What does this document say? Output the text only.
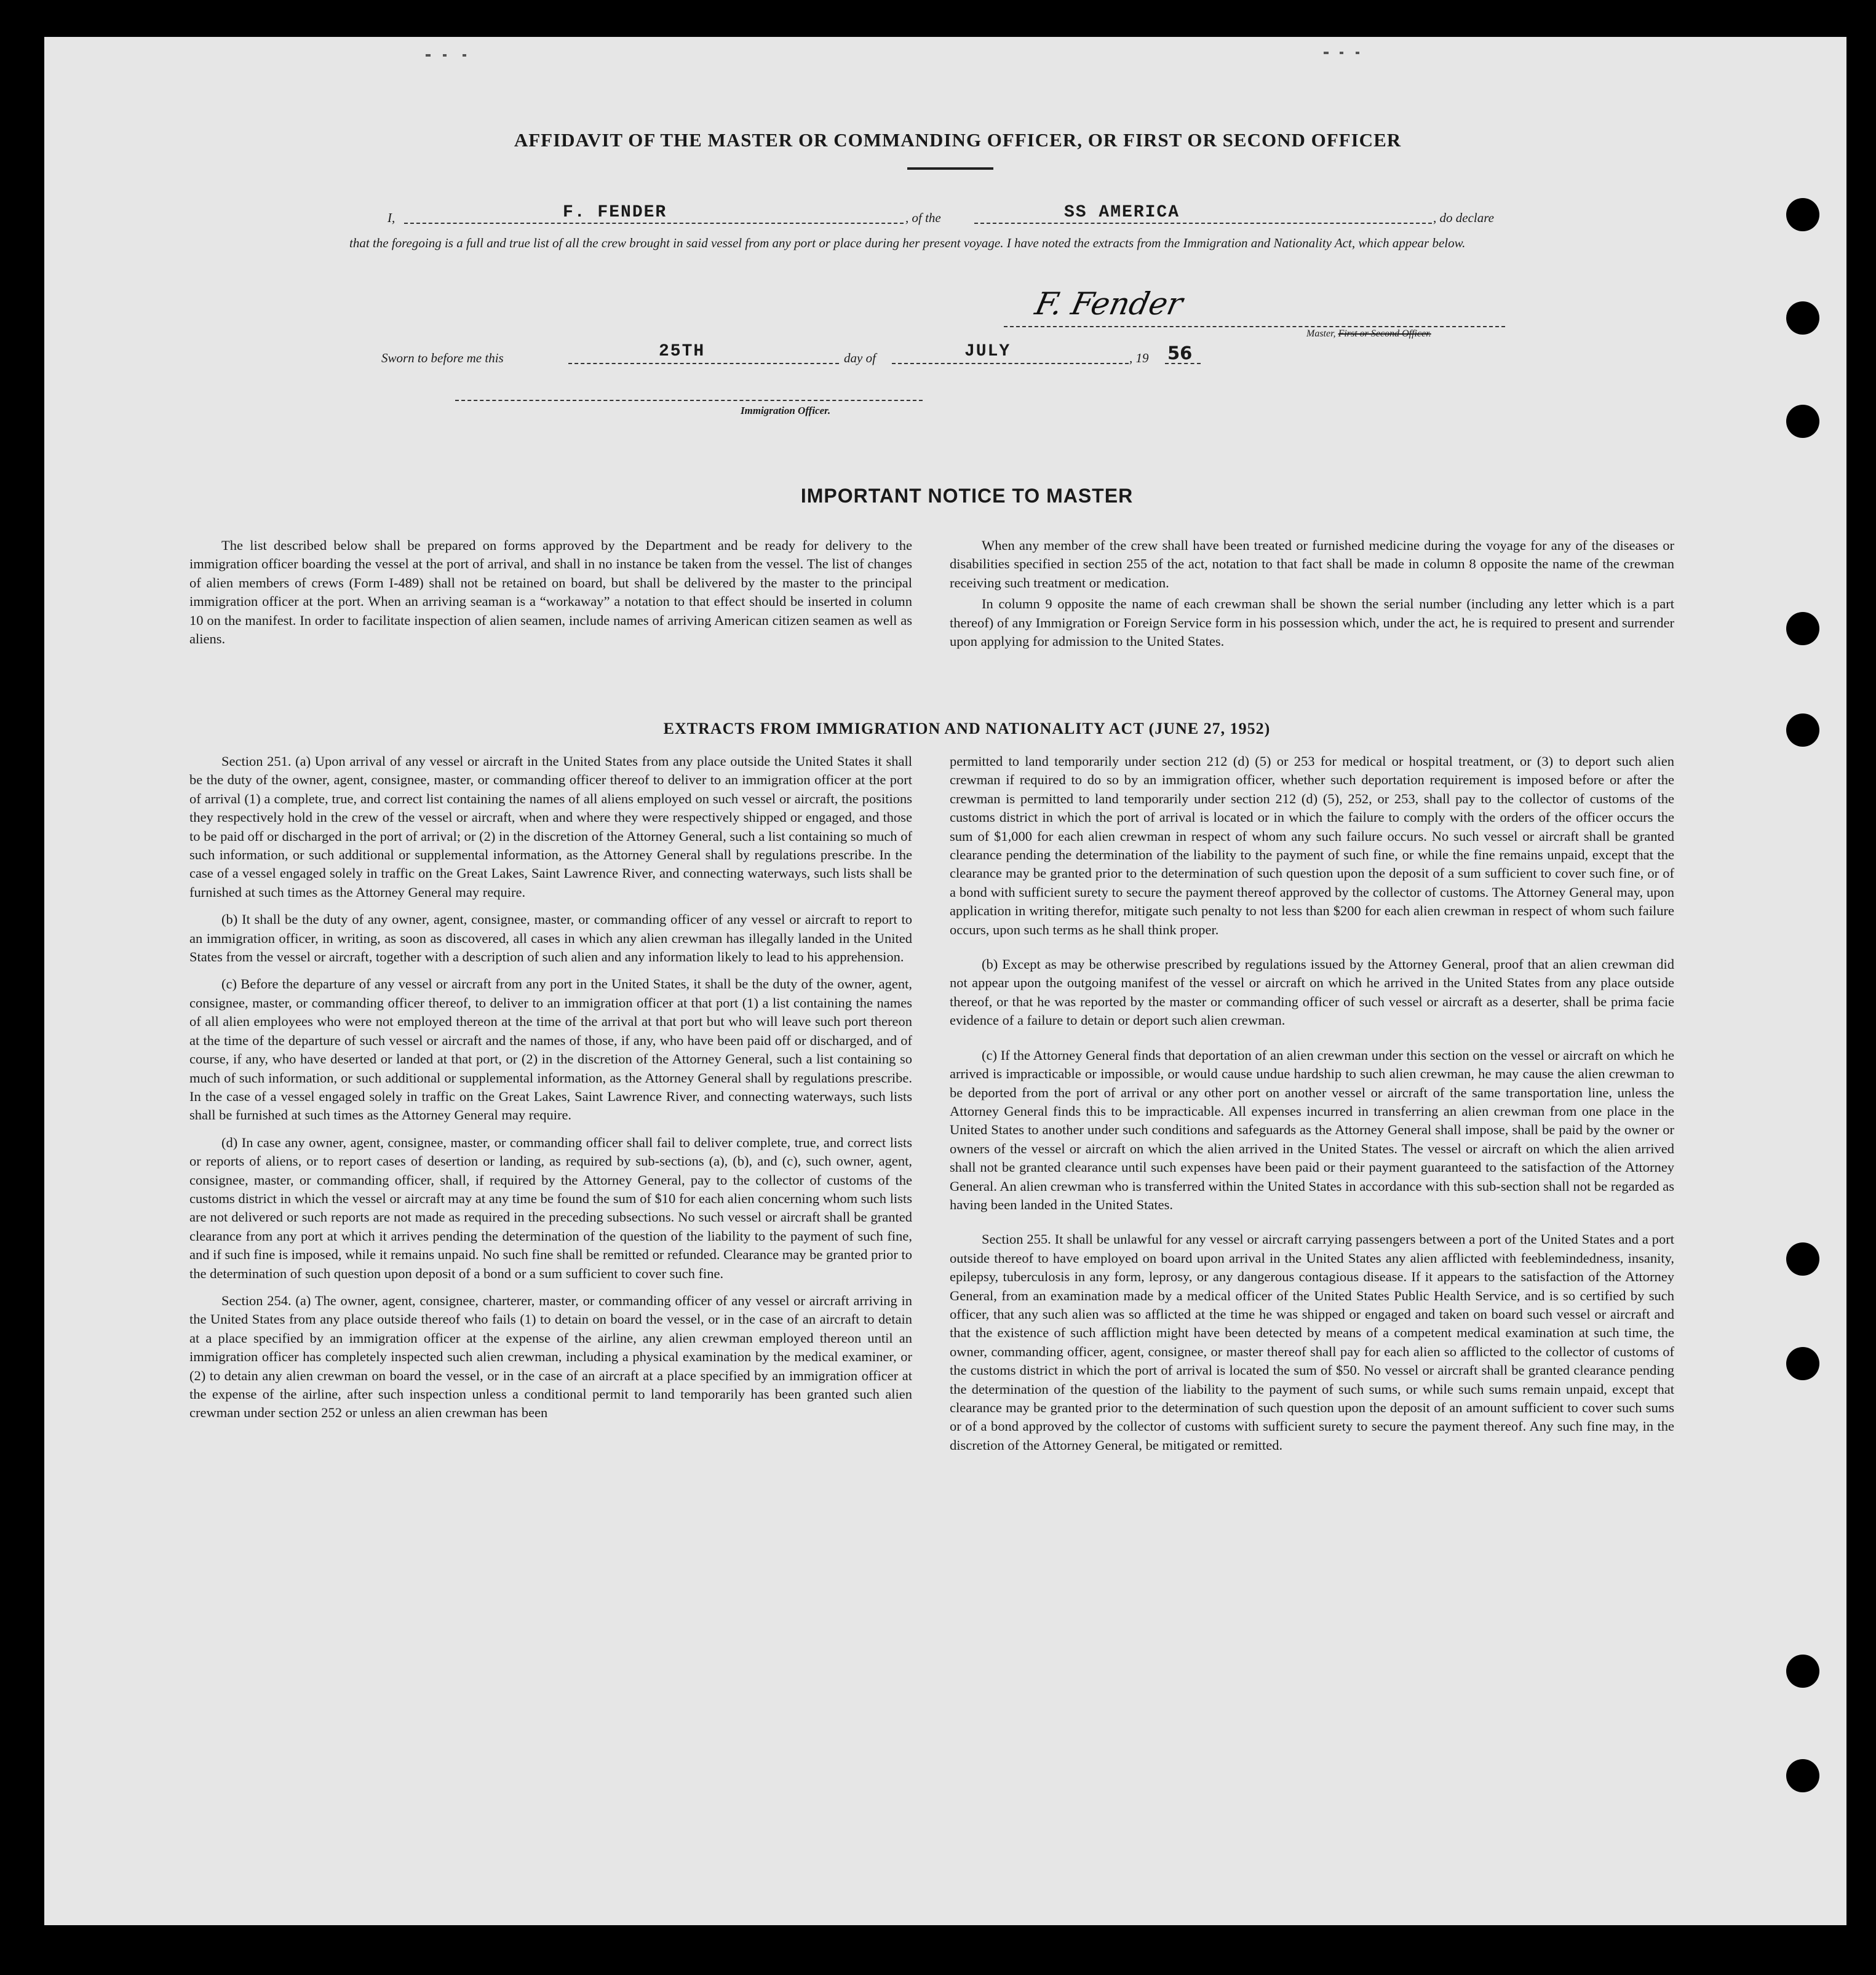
AFFIDAVIT OF THE MASTER OR COMMANDING OFFICER, OR FIRST OR SECOND OFFICER
I,	F. FENDER	, of the	SS AMERICA	, do declare
that the foregoing is a full and true list of all the crew brought in said vessel from any port or place during her present voyage. I have noted the extracts from the Immigration and Nationality Act, which appear below.
F. Fender
Master, First or Second Officer.
Sworn to before me this	25TH	day of	JULY	, 19 56
Immigration Officer.
IMPORTANT NOTICE TO MASTER

The list described below shall be prepared on forms approved by the Department and be ready for delivery to the immigration officer boarding the vessel at the port of arrival, and shall in no instance be taken from the vessel. The list of changes of alien members of crews (Form I-489) shall not be retained on board, but shall be delivered by the master to the principal immigration officer at the port. When an arriving seaman is a “workaway” a notation to that effect should be inserted in column 10 on the manifest. In order to facilitate inspection of alien seamen, include names of arriving American citizen seamen as well as aliens.

When any member of the crew shall have been treated or furnished medicine during the voyage for any of the diseases or disabilities specified in section 255 of the act, notation to that fact shall be made in column 8 opposite the name of the crewman receiving such treatment or medication.

In column 9 opposite the name of each crewman shall be shown the serial number (including any letter which is a part thereof) of any Immigration or Foreign Service form in his possession which, under the act, he is required to present and surrender upon applying for admission to the United States.

EXTRACTS FROM IMMIGRATION AND NATIONALITY ACT (JUNE 27, 1952)

Section 251. (a) Upon arrival of any vessel or aircraft in the United States from any place outside the United States it shall be the duty of the owner, agent, consignee, master, or commanding officer thereof to deliver to an immigration officer at the port of arrival (1) a complete, true, and correct list containing the names of all aliens employed on such vessel or aircraft, the positions they respectively hold in the crew of the vessel or aircraft, when and where they were respectively shipped or engaged, and those to be paid off or discharged in the port of arrival; or (2) in the discretion of the Attorney General, such a list containing so much of such information, or such additional or supplemental information, as the Attorney General shall by regulations prescribe. In the case of a vessel engaged solely in traffic on the Great Lakes, Saint Lawrence River, and connecting waterways, such lists shall be furnished at such times as the Attorney General may require.

(b) It shall be the duty of any owner, agent, consignee, master, or commanding officer of any vessel or aircraft to report to an immigration officer, in writing, as soon as discovered, all cases in which any alien crewman has illegally landed in the United States from the vessel or aircraft, together with a description of such alien and any information likely to lead to his apprehension.

(c) Before the departure of any vessel or aircraft from any port in the United States, it shall be the duty of the owner, agent, consignee, master, or commanding officer thereof, to deliver to an immigration officer at that port (1) a list containing the names of all alien employees who were not employed thereon at the time of the arrival at that port but who will leave such port thereon at the time of the departure of such vessel or aircraft and the names of those, if any, who have been paid off or discharged, and of course, if any, who have deserted or landed at that port, or (2) in the discretion of the Attorney General, such a list containing so much of such information, or such additional or supplemental information, as the Attorney General shall by regulations prescribe. In the case of a vessel engaged solely in traffic on the Great Lakes, Saint Lawrence River, and connecting waterways, such lists shall be furnished at such times as the Attorney General may require.

(d) In case any owner, agent, consignee, master, or commanding officer shall fail to deliver complete, true, and correct lists or reports of aliens, or to report cases of desertion or landing, as required by sub-sections (a), (b), and (c), such owner, agent, consignee, master, or commanding officer, shall, if required by the Attorney General, pay to the collector of customs of the customs district in which the vessel or aircraft may at any time be found the sum of $10 for each alien concerning whom such lists are not delivered or such reports are not made as required in the preceding subsections. No such vessel or aircraft shall be granted clearance from any port at which it arrives pending the determination of the question of the liability to the payment of such fine, and if such fine is imposed, while it remains unpaid. No such fine shall be remitted or refunded. Clearance may be granted prior to the determination of such question upon deposit of a bond or a sum sufficient to cover such fine.

Section 254. (a) The owner, agent, consignee, charterer, master, or commanding officer of any vessel or aircraft arriving in the United States from any place outside thereof who fails (1) to detain on board the vessel, or in the case of an aircraft to detain at a place specified by an immigration officer at the expense of the airline, any alien crewman employed thereon until an immigration officer has completely inspected such alien crewman, including a physical examination by the medical examiner, or (2) to detain any alien crewman on board the vessel, or in the case of an aircraft at a place specified by an immigration officer at the expense of the airline, after such inspection unless a conditional permit to land temporarily has been granted such alien crewman under section 252 or unless an alien crewman has been

permitted to land temporarily under section 212 (d) (5) or 253 for medical or hospital treatment, or (3) to deport such alien crewman if required to do so by an immigration officer, whether such deportation requirement is imposed before or after the crewman is permitted to land temporarily under section 212 (d) (5), 252, or 253, shall pay to the collector of customs of the customs district in which the port of arrival is located or in which the failure to comply with the orders of the officer occurs the sum of $1,000 for each alien crewman in respect of whom any such failure occurs. No such vessel or aircraft shall be granted clearance pending the determination of the liability to the payment of such fine, or while the fine remains unpaid, except that the clearance may be granted prior to the determination of such question upon the deposit of a sum sufficient to cover such fine, or of a bond with sufficient surety to secure the payment thereof approved by the collector of customs. The Attorney General may, upon application in writing therefor, mitigate such penalty to not less than $200 for each alien crewman in respect of whom such failure occurs, upon such terms as he shall think proper.

(b) Except as may be otherwise prescribed by regulations issued by the Attorney General, proof that an alien crewman did not appear upon the outgoing manifest of the vessel or aircraft on which he arrived in the United States from any place outside thereof, or that he was reported by the master or commanding officer of such vessel or aircraft as a deserter, shall be prima facie evidence of a failure to detain or deport such alien crewman.

(c) If the Attorney General finds that deportation of an alien crewman under this section on the vessel or aircraft on which he arrived is impracticable or impossible, or would cause undue hardship to such alien crewman, he may cause the alien crewman to be deported from the port of arrival or any other port on another vessel or aircraft of the same transportation line, unless the Attorney General finds this to be impracticable. All expenses incurred in transferring an alien crewman from one place in the United States to another under such conditions and safeguards as the Attorney General shall impose, shall be paid by the owner or owners of the vessel or aircraft on which the alien arrived in the United States. The vessel or aircraft on which the alien arrived shall not be granted clearance until such expenses have been paid or their payment guaranteed to the satisfaction of the Attorney General. An alien crewman who is transferred within the United States in accordance with this sub-section shall not be regarded as having been landed in the United States.

Section 255. It shall be unlawful for any vessel or aircraft carrying passengers between a port of the United States and a port outside thereof to have employed on board upon arrival in the United States any alien afflicted with feeblemindedness, insanity, epilepsy, tuberculosis in any form, leprosy, or any dangerous contagious disease. If it appears to the satisfaction of the Attorney General, from an examination made by a medical officer of the United States Public Health Service, and is so certified by such officer, that any such alien was so afflicted at the time he was shipped or engaged and taken on board such vessel or aircraft and that the existence of such affliction might have been detected by means of a competent medical examination at such time, the owner, commanding officer, agent, consignee, or master thereof shall pay for each alien so afflicted to the collector of customs of the customs district in which the port of arrival is located the sum of $50. No vessel or aircraft shall be granted clearance pending the determination of the question of the liability to the payment of such sums, or while such sums remain unpaid, except that clearance may be granted prior to the determination of such question upon the deposit of an amount sufficient to cover such sums or of a bond approved by the collector of customs with sufficient surety to secure the payment thereof. Any such fine may, in the discretion of the Attorney General, be mitigated or remitted.
